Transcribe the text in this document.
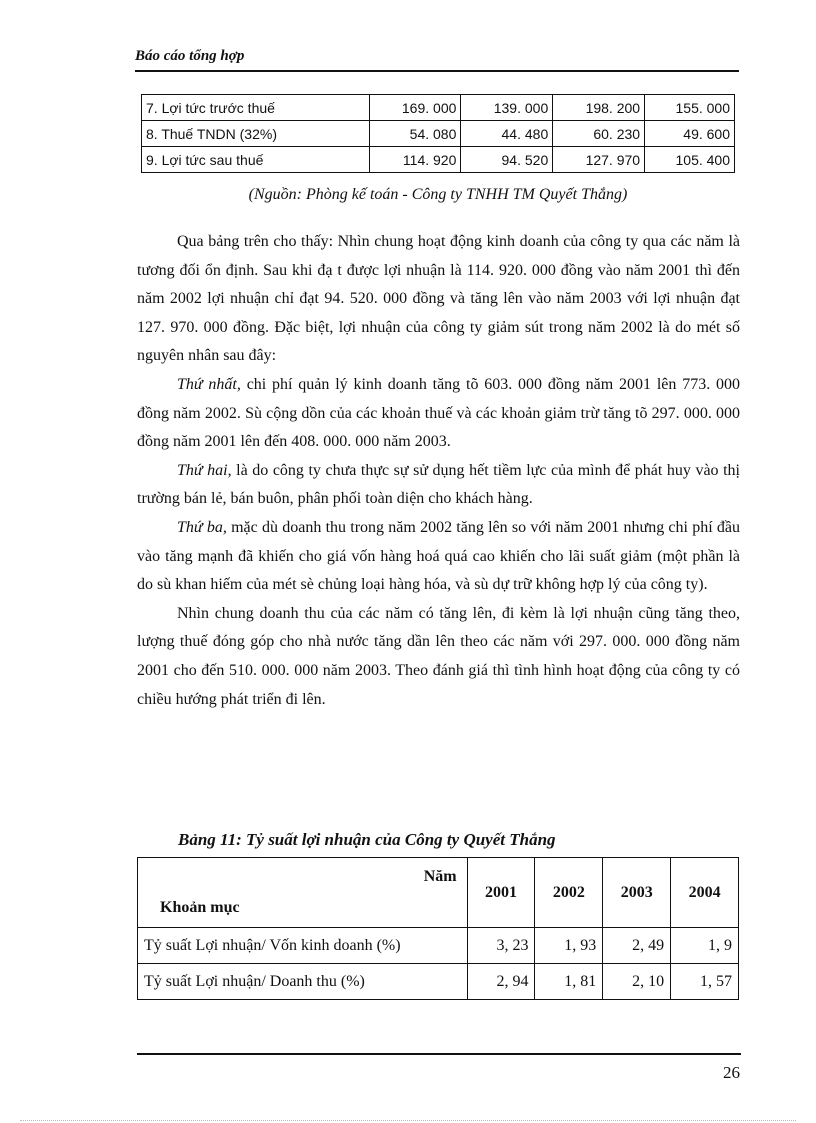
Báo cáo tổng hợp
7. Lợi tức trước thuế	169. 000	139. 000	198. 200	155. 000
8. Thuế TNDN (32%)	54. 080	44. 480	60. 230	49. 600
9. Lợi tức sau thuế	114. 920	94. 520	127. 970	105. 400
(Nguồn: Phòng kế toán - Công ty TNHH TM Quyết Thắng)

Qua bảng trên cho thấy: Nhìn chung hoạt động kinh doanh của công ty qua các năm là tương đối ổn định. Sau khi đạ t được lợi nhuận là 114. 920. 000 đồng vào năm 2001 thì đến năm 2002 lợi nhuận chỉ đạt 94. 520. 000 đồng và tăng lên vào năm 2003 với lợi nhuận đạt 127. 970. 000 đồng. Đặc biệt, lợi nhuận của công ty giảm sút trong năm 2002 là do mét số nguyên nhân sau đây:

Thứ nhất, chi phí quản lý kinh doanh tăng tõ 603. 000 đồng năm 2001 lên 773. 000 đồng năm 2002. Sù cộng dồn của các khoản thuế và các khoản giảm trừ tăng tõ 297. 000. 000 đồng năm 2001 lên đến 408. 000. 000 năm 2003.

Thứ hai, là do công ty chưa thực sự sử dụng hết tiềm lực của mình để phát huy vào thị trường bán lẻ, bán buôn, phân phối toàn diện cho khách hàng.

Thứ ba, mặc dù doanh thu trong năm 2002 tăng lên so với năm 2001 nhưng chi phí đầu vào tăng mạnh đã khiến cho giá vốn hàng hoá quá cao khiến cho lãi suất giảm (một phần là do sù khan hiếm của mét sè chủng loại hàng hóa, và sù dự trữ không hợp lý của công ty).

Nhìn chung doanh thu của các năm có tăng lên, đi kèm là lợi nhuận cũng tăng theo, lượng thuế đóng góp cho nhà nước tăng dần lên theo các năm với 297. 000. 000 đồng năm 2001 cho đến 510. 000. 000 năm 2003. Theo đánh giá thì tình hình hoạt động của công ty có chiều hướng phát triển đi lên.

Bảng 11: Tỷ suất lợi nhuận của Công ty Quyết Thắng
Năm
Khoản mục	2001	2002	2003	2004
Tỷ suất Lợi nhuận/ Vốn kinh doanh (%)	3, 23	1, 93	2, 49	1, 9
Tỷ suất Lợi nhuận/ Doanh thu (%)	2, 94	1, 81	2, 10	1, 57
26
